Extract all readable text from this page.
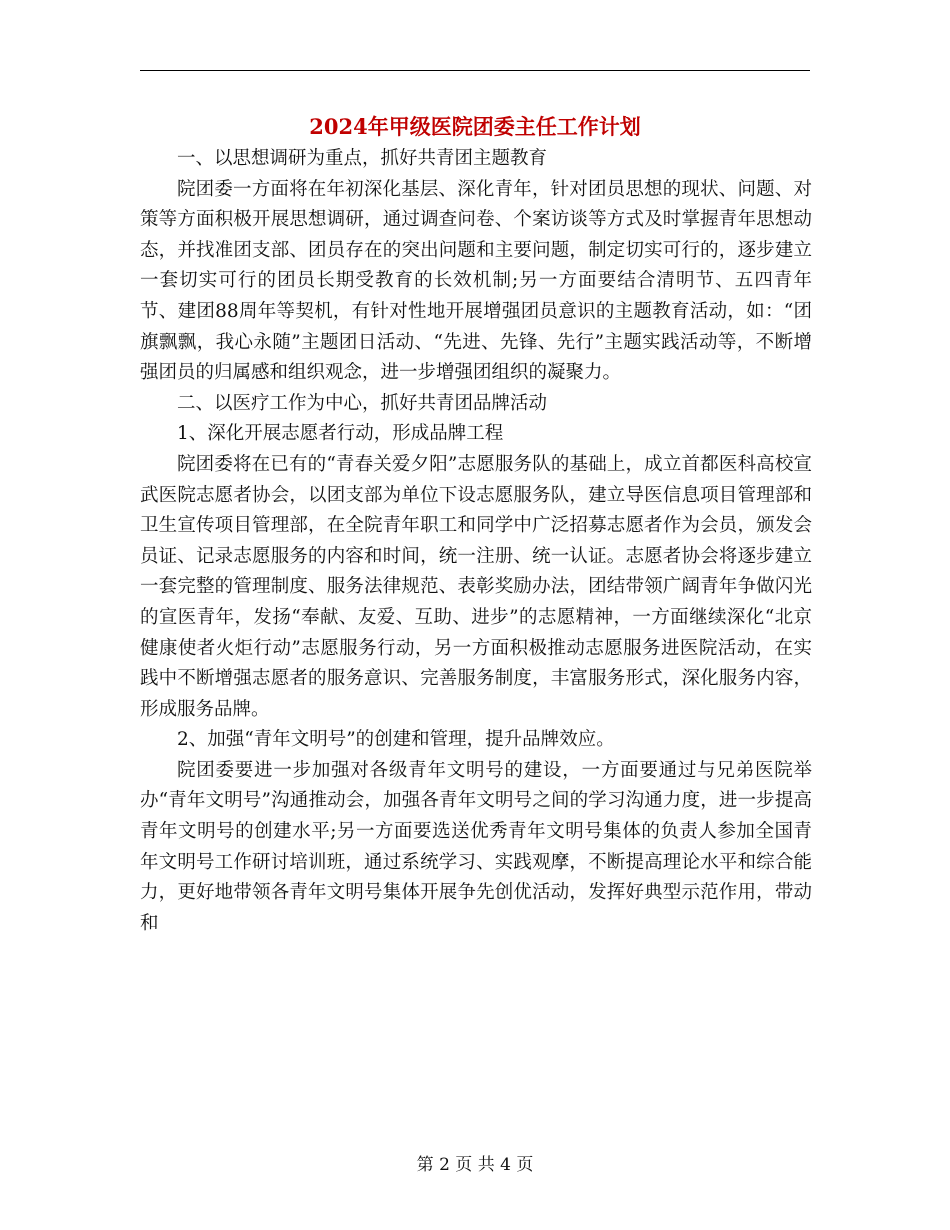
2024年甲级医院团委主任工作计划

一、以思想调研为重点，抓好共青团主题教育

院团委一方面将在年初深化基层、深化青年，针对团员思想的现状、问题、对策等方面积极开展思想调研，通过调查问卷、个案访谈等方式及时掌握青年思想动态，并找准团支部、团员存在的突出问题和主要问题，制定切实可行的，逐步建立一套切实可行的团员长期受教育的长效机制;另一方面要结合清明节、五四青年节、建团88周年等契机，有针对性地开展增强团员意识的主题教育活动，如：“团旗飘飘，我心永随”主题团日活动、“先进、先锋、先行”主题实践活动等，不断增强团员的归属感和组织观念，进一步增强团组织的凝聚力。

二、以医疗工作为中心，抓好共青团品牌活动

1、深化开展志愿者行动，形成品牌工程

院团委将在已有的“青春关爱夕阳”志愿服务队的基础上，成立首都医科高校宣武医院志愿者协会，以团支部为单位下设志愿服务队，建立导医信息项目管理部和卫生宣传项目管理部，在全院青年职工和同学中广泛招募志愿者作为会员，颁发会员证、记录志愿服务的内容和时间，统一注册、统一认证。志愿者协会将逐步建立一套完整的管理制度、服务法律规范、表彰奖励办法，团结带领广阔青年争做闪光的宣医青年，发扬“奉献、友爱、互助、进步”的志愿精神，一方面继续深化“北京健康使者火炬行动”志愿服务行动，另一方面积极推动志愿服务进医院活动，在实践中不断增强志愿者的服务意识、完善服务制度，丰富服务形式，深化服务内容，形成服务品牌。

2、加强“青年文明号”的创建和管理，提升品牌效应。

院团委要进一步加强对各级青年文明号的建设，一方面要通过与兄弟医院举办“青年文明号”沟通推动会，加强各青年文明号之间的学习沟通力度，进一步提高青年文明号的创建水平;另一方面要选送优秀青年文明号集体的负责人参加全国青年文明号工作研讨培训班，通过系统学习、实践观摩，不断提高理论水平和综合能力，更好地带领各青年文明号集体开展争先创优活动，发挥好典型示范作用，带动和

第 2 页 共 4 页
